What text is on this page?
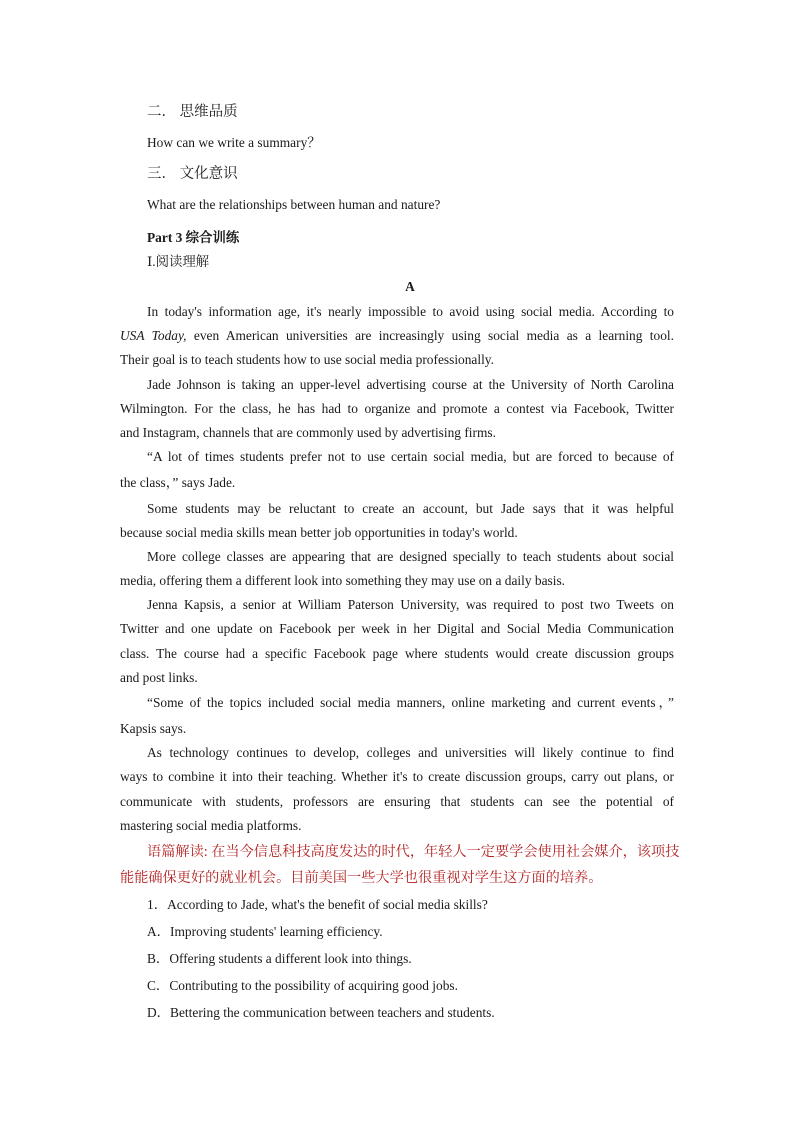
二． 思维品质
How can we write a summary？
三． 文化意识
What are the relationships between human and nature?
Part 3 综合训练
Ⅰ.阅读理解
A
In today's information age, it's nearly impossible to avoid using social media. According to
USA Today, even American universities are increasingly using social media as a learning tool.
Their goal is to teach students how to use social media professionally.
Jade Johnson is taking an upper-level advertising course at the University of North Carolina
Wilmington. For the class, he has had to organize and promote a contest via Facebook, Twitter
and Instagram, channels that are commonly used by advertising firms.
“A lot of times students prefer not to use certain social media, but are forced to because of
the class，” says Jade.
Some students may be reluctant to create an account, but Jade says that it was helpful
because social media skills mean better job opportunities in today's world.
More college classes are appearing that are designed specially to teach students about social
media, offering them a different look into something they may use on a daily basis.
Jenna Kapsis, a senior at William Paterson University, was required to post two Tweets on
Twitter and one update on Facebook per week in her Digital and Social Media Communication
class. The course had a specific Facebook page where students would create discussion groups
and post links.
“Some of the topics included social media manners, online marketing and current events，”
Kapsis says.
As technology continues to develop, colleges and universities will likely continue to find
ways to combine it into their teaching. Whether it's to create discussion groups, carry out plans, or
communicate with students, professors are ensuring that students can see the potential of
mastering social media platforms.
语篇解读: 在当今信息科技高度发达的时代，年轻人一定要学会使用社会媒介，该项技
能能确保更好的就业机会。目前美国一些大学也很重视对学生这方面的培养。
1．According to Jade, what's the benefit of social media skills?
A．Improving students' learning efficiency.
B．Offering students a different look into things.
C．Contributing to the possibility of acquiring good jobs.
D．Bettering the communication between teachers and students.
